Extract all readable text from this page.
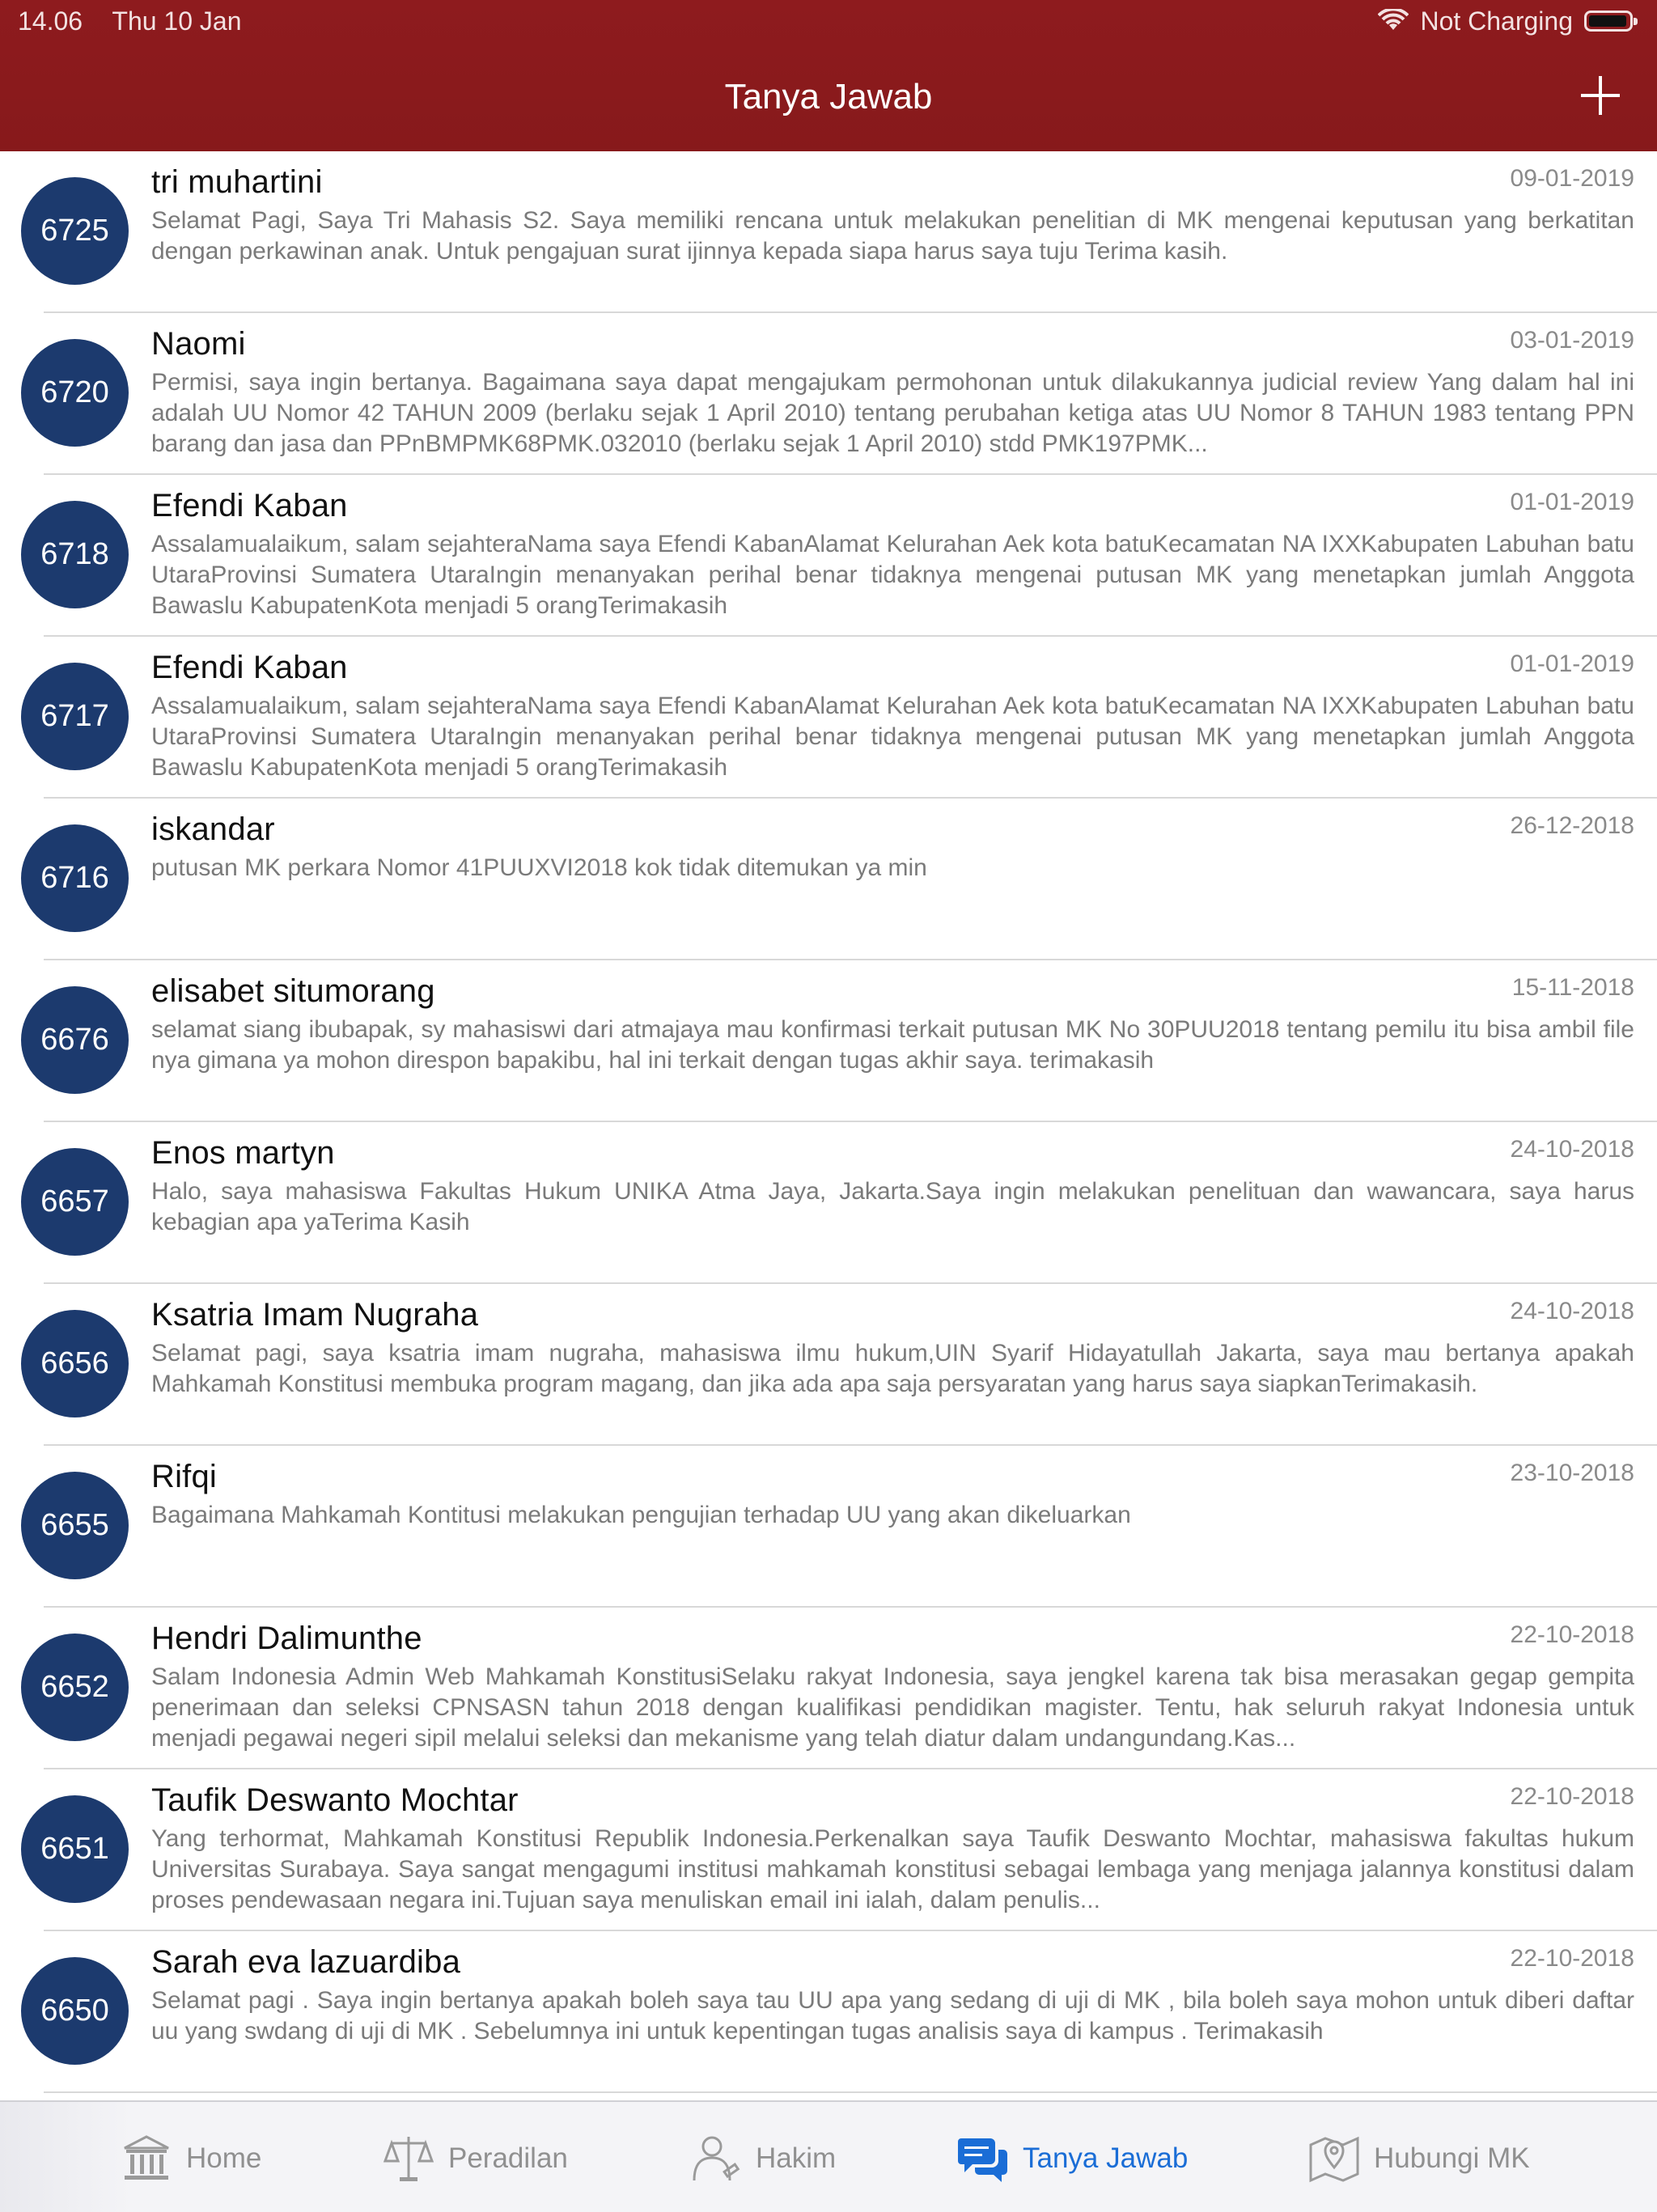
14.06 Thu 10 Jan	Not Charging
Tanya Jawab
6725
tri muhartini	09-01-2019
Selamat Pagi, Saya Tri Mahasis S2. Saya memiliki rencana untuk melakukan penelitian di MK mengenai keputusan yang berkatitan dengan perkawinan anak. Untuk pengajuan surat ijinnya kepada siapa harus saya tuju Terima kasih.
6720
Naomi	03-01-2019
Permisi, saya ingin bertanya. Bagaimana saya dapat mengajukam permohonan untuk dilakukannya judicial review Yang dalam hal ini adalah UU Nomor 42 TAHUN 2009 (berlaku sejak 1 April 2010) tentang perubahan ketiga atas UU Nomor 8 TAHUN 1983 tentang PPN barang dan jasa dan PPnBMPMK68PMK.032010 (berlaku sejak 1 April 2010) stdd PMK197PMK...
6718
Efendi Kaban	01-01-2019
Assalamualaikum, salam sejahteraNama saya Efendi KabanAlamat Kelurahan Aek kota batuKecamatan NA IXXKabupaten Labuhan batu UtaraProvinsi Sumatera UtaraIngin menanyakan perihal benar tidaknya mengenai putusan MK yang menetapkan jumlah Anggota Bawaslu KabupatenKota menjadi 5 orangTerimakasih
6717
Efendi Kaban	01-01-2019
Assalamualaikum, salam sejahteraNama saya Efendi KabanAlamat Kelurahan Aek kota batuKecamatan NA IXXKabupaten Labuhan batu UtaraProvinsi Sumatera UtaraIngin menanyakan perihal benar tidaknya mengenai putusan MK yang menetapkan jumlah Anggota Bawaslu KabupatenKota menjadi 5 orangTerimakasih
6716
iskandar	26-12-2018
putusan MK perkara Nomor 41PUUXVI2018 kok tidak ditemukan ya min
6676
elisabet situmorang	15-11-2018
selamat siang ibubapak, sy mahasiswi dari atmajaya mau konfirmasi terkait putusan MK No 30PUU2018 tentang pemilu itu bisa ambil file nya gimana ya mohon direspon bapakibu, hal ini terkait dengan tugas akhir saya. terimakasih
6657
Enos martyn	24-10-2018
Halo, saya mahasiswa Fakultas Hukum UNIKA Atma Jaya, Jakarta.Saya ingin melakukan penelituan dan wawancara, saya harus kebagian apa yaTerima Kasih
6656
Ksatria Imam Nugraha	24-10-2018
Selamat pagi, saya ksatria imam nugraha, mahasiswa ilmu hukum,UIN Syarif Hidayatullah Jakarta, saya mau bertanya apakah Mahkamah Konstitusi membuka program magang, dan jika ada apa saja persyaratan yang harus saya siapkanTerimakasih.
6655
Rifqi	23-10-2018
Bagaimana Mahkamah Kontitusi melakukan pengujian terhadap UU yang akan dikeluarkan
6652
Hendri Dalimunthe	22-10-2018
Salam Indonesia Admin Web Mahkamah KonstitusiSelaku rakyat Indonesia, saya jengkel karena tak bisa merasakan gegap gempita penerimaan dan seleksi CPNSASN tahun 2018 dengan kualifikasi pendidikan magister. Tentu, hak seluruh rakyat Indonesia untuk menjadi pegawai negeri sipil melalui seleksi dan mekanisme yang telah diatur dalam undangundang.Kas...
6651
Taufik Deswanto Mochtar	22-10-2018
Yang terhormat, Mahkamah Konstitusi Republik Indonesia.Perkenalkan saya Taufik Deswanto Mochtar, mahasiswa fakultas hukum Universitas Surabaya. Saya sangat mengagumi institusi mahkamah konstitusi sebagai lembaga yang menjaga jalannya konstitusi dalam proses pendewasaan negara ini.Tujuan saya menuliskan email ini ialah, dalam penulis...
6650
Sarah eva lazuardiba	22-10-2018
Selamat pagi . Saya ingin bertanya apakah boleh saya tau UU apa yang sedang di uji di MK , bila boleh saya mohon untuk diberi daftar uu yang swdang di uji di MK . Sebelumnya ini untuk kepentingan tugas analisis saya di kampus . Terimakasih
Home	Peradilan	Hakim	Tanya Jawab	Hubungi MK
